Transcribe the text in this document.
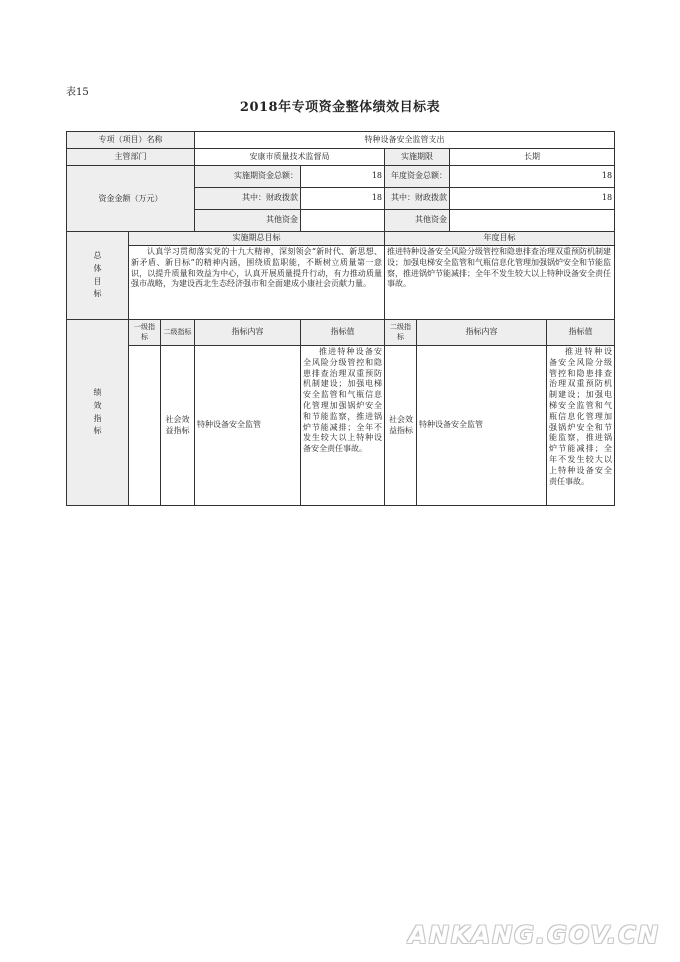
表15
2018年专项资金整体绩效目标表
专项（项目）名称			特种设备安全监管支出					
主管部门			安康市质量技术监督局		实施期限		长期	

资金金额（万元）			实施期资金总额：	18	年度资金总额：		18	
			其中：财政拨款	18	其中：财政拨款		18	
			其他资金		其他资金			

总体目标	实施期总目标				年度目标			
	认真学习贯彻落实党的十九大精神，深刻领会“新时代、新思想、新矛盾、新目标”的精神内涵，围绕质监职能，不断树立质量第一意识，以提升质量和效益为中心，认真开展质量提升行动，有力推动质量强市战略，为建设西北生态经济强市和全面建成小康社会贡献力量。				推进特种设备安全风险分级管控和隐患排查治理双重预防机制建设；加强电梯安全监管和气瓶信息化管理加强锅炉安全和节能监察，推进锅炉节能减排；全年不发生较大以上特种设备安全责任事故。			

绩效指标	一级指标	二级指标	指标内容	指标值	二级指标	指标内容		指标值

		社会效益指标	特种设备安全监管	推进特种设备安全风险分级管控和隐患排查治理双重预防机制建设；加强电梯安全监管和气瓶信息化管理加强锅炉安全和节能监察，推进锅炉节能减排；全年不发生较大以上特种设备安全责任事故。	社会效益指标	特种设备安全监管		推进特种设备安全风险分级管控和隐患排查治理双重预防机制建设；加强电梯安全监管和气瓶信息化管理加强锅炉安全和节能监察，推进锅炉节能减排；全年不发生较大以上特种设备安全责任事故。
ANKANG.GOV.CN
